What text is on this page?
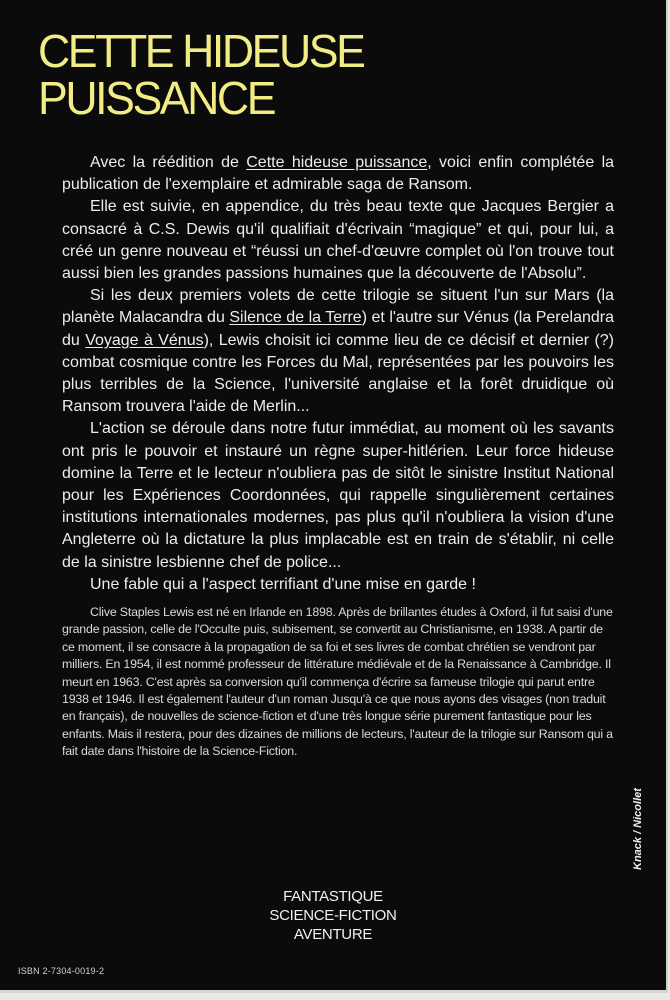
CETTE HIDEUSE
PUISSANCE

Avec la réédition de Cette hideuse puissance, voici enfin complétée la publication de l'exemplaire et admirable saga de Ransom.

Elle est suivie, en appendice, du très beau texte que Jacques Bergier a consacré à C.S. Dewis qu'il qualifiait d'écrivain “magique” et qui, pour lui, a créé un genre nouveau et “réussi un chef-d'œuvre complet où l'on trouve tout aussi bien les grandes passions humaines que la découverte de l'Absolu”.

Si les deux premiers volets de cette trilogie se situent l'un sur Mars (la planète Malacandra du Silence de la Terre) et l'autre sur Vénus (la Perelandra du Voyage à Vénus), Lewis choisit ici comme lieu de ce décisif et dernier (?) combat cosmique contre les Forces du Mal, représentées par les pouvoirs les plus terribles de la Science, l'université anglaise et la forêt druidique où Ransom trouvera l'aide de Merlin...

L'action se déroule dans notre futur immédiat, au moment où les savants ont pris le pouvoir et instauré un règne super-hitlérien. Leur force hideuse domine la Terre et le lecteur n'oubliera pas de sitôt le sinistre Institut National pour les Expériences Coordonnées, qui rappelle singulièrement certaines institutions internationales modernes, pas plus qu'il n'oubliera la vision d'une Angleterre où la dictature la plus implacable est en train de s'établir, ni celle de la sinistre lesbienne chef de police...

Une fable qui a l'aspect terrifiant d'une mise en garde !

Clive Staples Lewis est né en Irlande en 1898. Après de brillantes études à Oxford, il fut saisi d'une grande passion, celle de l'Occulte puis, subisement, se convertit au Christianisme, en 1938. A partir de ce moment, il se consacre à la propagation de sa foi et ses livres de combat chrétien se vendront par milliers. En 1954, il est nommé professeur de littérature médiévale et de la Renaissance à Cambridge. Il meurt en 1963. C'est après sa conversion qu'il commença d'écrire sa fameuse trilogie qui parut entre 1938 et 1946. Il est également l'auteur d'un roman Jusqu'à ce que nous ayons des visages (non traduit en français), de nouvelles de science-fiction et d'une très longue série purement fantastique pour les enfants. Mais il restera, pour des dizaines de millions de lecteurs, l'auteur de la trilogie sur Ransom qui a fait date dans l'histoire de la Science-Fiction.

Knack / Nicollet
FANTASTIQUE
SCIENCE-FICTION
AVENTURE
ISBN 2-7304-0019-2
